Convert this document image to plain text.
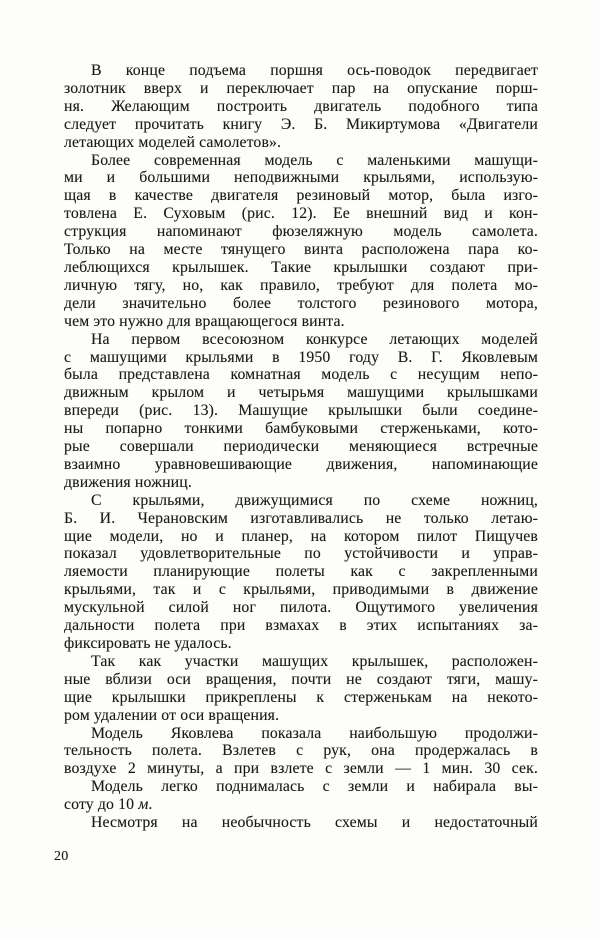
В конце подъема поршня ось-поводок передвигает
золотник вверх и переключает пар на опускание порш-
ня. Желающим построить двигатель подобного типа
следует прочитать книгу Э. Б. Микиртумова «Двигатели
летающих моделей самолетов».

Более современная модель с маленькими машущи-
ми и большими неподвижными крыльями, использую-
щая в качестве двигателя резиновый мотор, была изго-
товлена Е. Суховым (рис. 12). Ее внешний вид и кон-
струкция напоминают фюзеляжную модель самолета.
Только на месте тянущего винта расположена пара ко-
леблющихся крылышек. Такие крылышки создают при-
личную тягу, но, как правило, требуют для полета мо-
дели значительно более толстого резинового мотора,
чем это нужно для вращающегося винта.

На первом всесоюзном конкурсе летающих моделей
с машущими крыльями в 1950 году В. Г. Яковлевым
была представлена комнатная модель с несущим непо-
движным крылом и четырьмя машущими крылышками
впереди (рис. 13). Машущие крылышки были соедине-
ны попарно тонкими бамбуковыми стерженьками, кото-
рые совершали периодически меняющиеся встречные
взаимно уравновешивающие движения, напоминающие
движения ножниц.

С крыльями, движущимися по схеме ножниц,
Б. И. Черановским изготавливались не только летаю-
щие модели, но и планер, на котором пилот Пищучев
показал удовлетворительные по устойчивости и управ-
ляемости планирующие полеты как с закрепленными
крыльями, так и с крыльями, приводимыми в движение
мускульной силой ног пилота. Ощутимого увеличения
дальности полета при взмахах в этих испытаниях за-
фиксировать не удалось.

Так как участки машущих крылышек, расположен-
ные вблизи оси вращения, почти не создают тяги, машу-
щие крылышки прикреплены к стерженькам на некото-
ром удалении от оси вращения.

Модель Яковлева показала наибольшую продолжи-
тельность полета. Взлетев с рук, она продержалась в
воздухе 2 минуты, а при взлете с земли — 1 мин. 30 сек.

Модель легко поднималась с земли и набирала вы-
соту до 10 м.

Несмотря на необычность схемы и недостаточный

20
